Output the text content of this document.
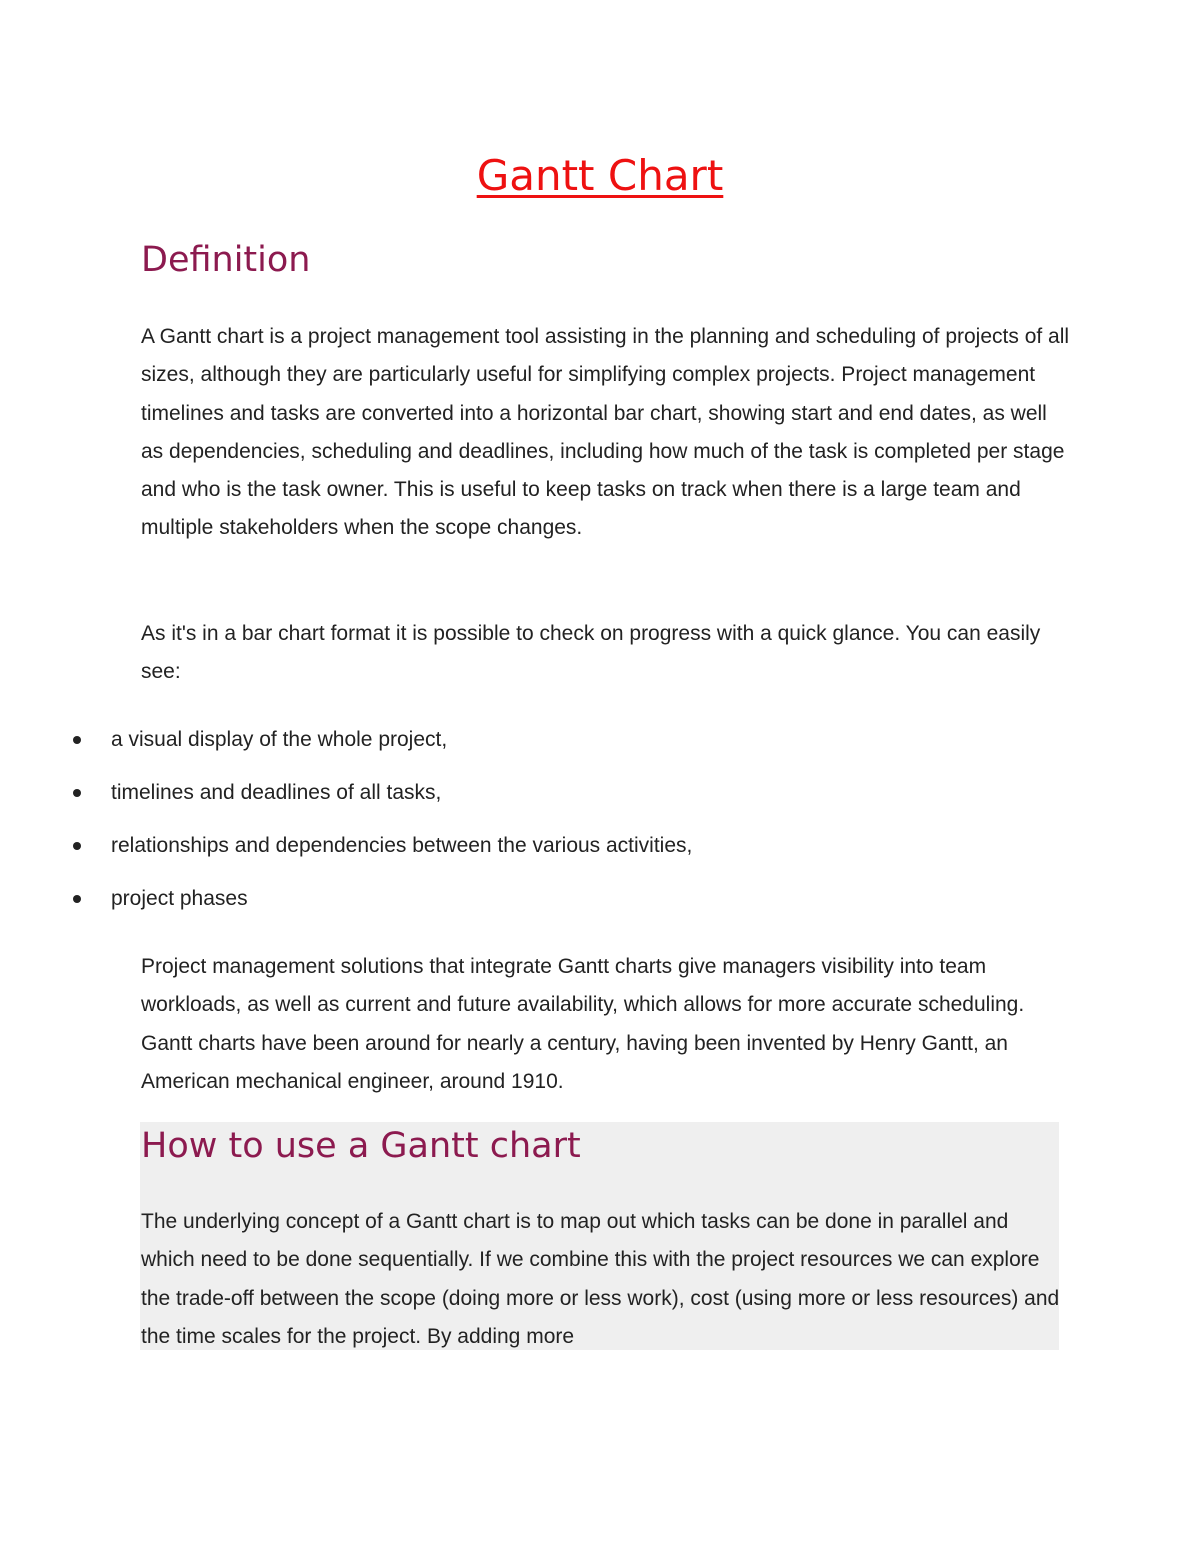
Gantt Chart
Definition

A Gantt chart is a project management tool assisting in the planning and scheduling of projects of all sizes, although they are particularly useful for simplifying complex projects. Project management timelines and tasks are converted into a horizontal bar chart, showing start and end dates, as well as dependencies, scheduling and deadlines, including how much of the task is completed per stage and who is the task owner. This is useful to keep tasks on track when there is a large team and multiple stakeholders when the scope changes.

As it's in a bar chart format it is possible to check on progress with a quick glance. You can easily see:

a visual display of the whole project,
timelines and deadlines of all tasks,
relationships and dependencies between the various activities,
project phases

Project management solutions that integrate Gantt charts give managers visibility into team workloads, as well as current and future availability, which allows for more accurate scheduling. Gantt charts have been around for nearly a century, having been invented by Henry Gantt, an American mechanical engineer, around 1910.

How to use a Gantt chart

The underlying concept of a Gantt chart is to map out which tasks can be done in parallel and which need to be done sequentially. If we combine this with the project resources we can explore the trade-off between the scope (doing more or less work), cost (using more or less resources) and the time scales for the project. By adding more
